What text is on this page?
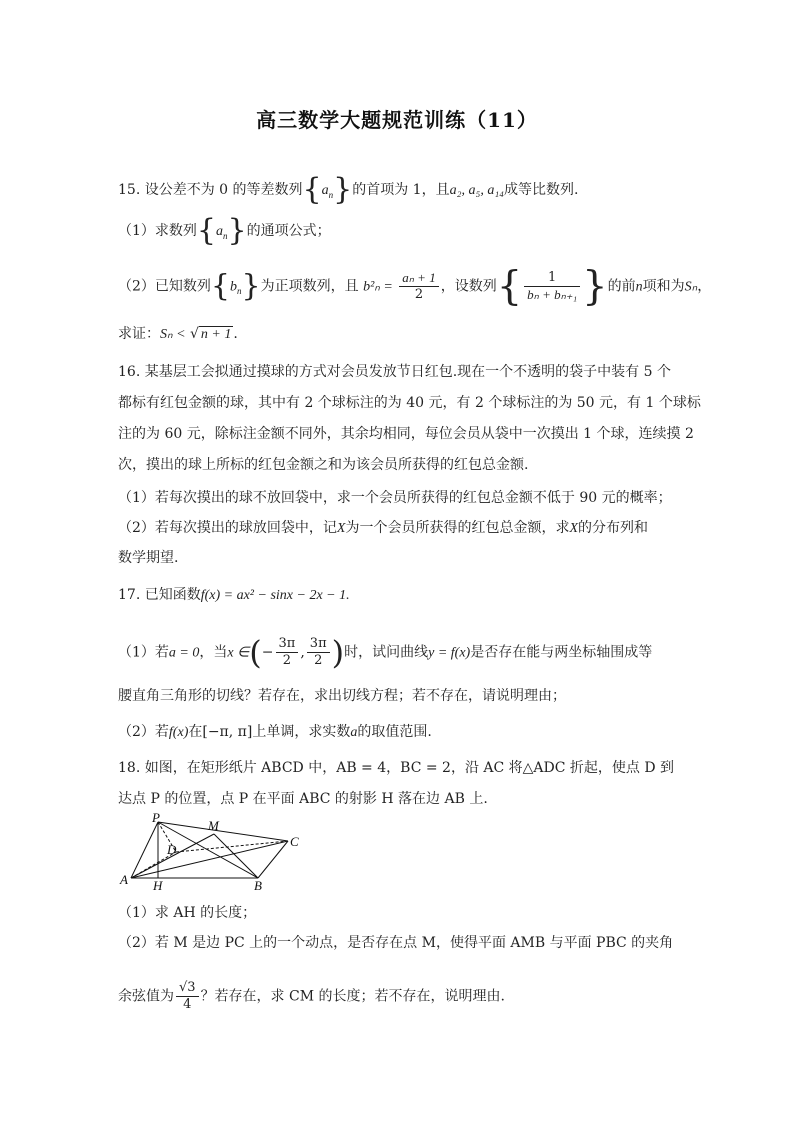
高三数学大题规范训练（11）
15. 设公差不为 0 的等差数列$\{a_n\}$的首项为 1，且a₂, a₅, a₁₄成等比数列.
（1）求数列$\{a_n\}$的通项公式；
（2）已知数列$\{b_n\}$为正项数列，且 $b^2_n = \frac{\text{aₙ + 1}}{2}$ ，设数列{ $\frac{1}{\text{bₙ + bₙ₊₁}}$ }的前n项和为Sₙ，
求证：Sₙ < √ n + 1 .
16. 某基层工会拟通过摸球的方式对会员发放节日红包.现在一个不透明的袋子中装有 5 个
都标有红包金额的球，其中有 2 个球标注的为 40 元，有 2 个球标注的为 50 元，有 1 个球标
注的为 60 元，除标注金额不同外，其余均相同，每位会员从袋中一次摸出 1 个球，连续摸 2
次，摸出的球上所标的红包金额之和为该会员所获得的红包总金额.
（1）若每次摸出的球不放回袋中，求一个会员所获得的红包总金额不低于 90 元的概率；
（2）若每次摸出的球放回袋中，记X为一个会员所获得的红包总金额，求X的分布列和
数学期望.
17. 已知函数f(x) = ax² − sinx − 2x − 1.
（1）若a = 0，当x ∈(− $\frac{3\pi}{2}$ , $\frac{3\pi}{2}$ )时，试问曲线y = f(x)是否存在能与两坐标轴围成等
腰直角三角形的切线？若存在，求出切线方程；若不存在，请说明理由；
（2）若f(x)在[−π, π]上单调，求实数a的取值范围.
18. 如图，在矩形纸片 ABCD 中，AB = 4，BC = 2，沿 AC 将△ADC 折起，使点 D 到
达点 P 的位置，点 P 在平面 ABC 的射影 H 落在边 AB 上.
P
M
D
C
A H	B
（1）求 AH 的长度；
（2）若 M 是边 PC 上的一个动点，是否存在点 M，使得平面 AMB 与平面 PBC 的夹角
余弦值为 $\frac{√3}{4}$ ？若存在，求 CM 的长度；若不存在，说明理由.
